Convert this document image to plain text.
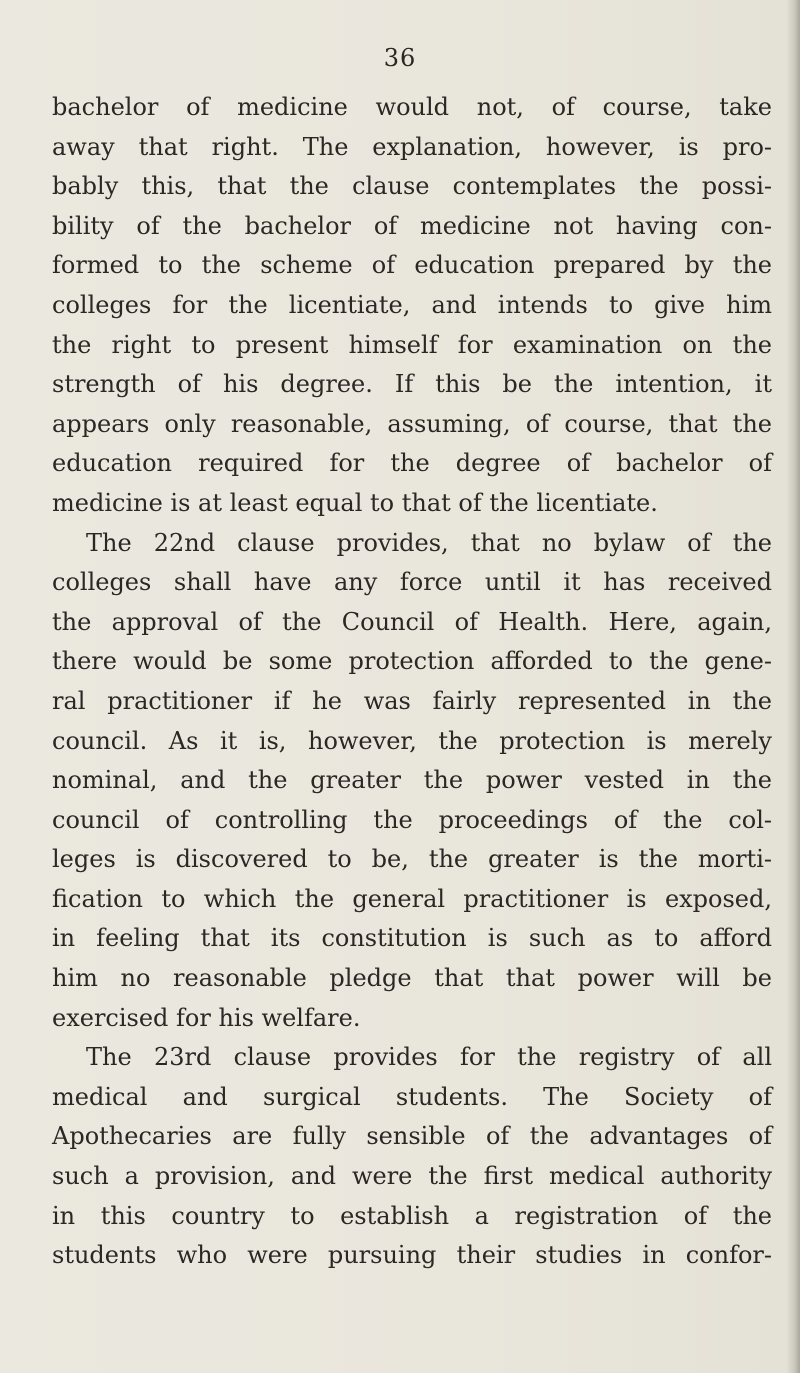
36
bachelor of medicine would not, of course, take
away that right. The explanation, however, is pro-
bably this, that the clause contemplates the possi-
bility of the bachelor of medicine not having con-
formed to the scheme of education prepared by the
colleges for the licentiate, and intends to give him
the right to present himself for examination on the
strength of his degree. If this be the intention, it
appears only reasonable, assuming, of course, that the
education required for the degree of bachelor of
medicine is at least equal to that of the licentiate.
The 22nd clause provides, that no bylaw of the
colleges shall have any force until it has received
the approval of the Council of Health. Here, again,
there would be some protection afforded to the gene-
ral practitioner if he was fairly represented in the
council. As it is, however, the protection is merely
nominal, and the greater the power vested in the
council of controlling the proceedings of the col-
leges is discovered to be, the greater is the morti-
fication to which the general practitioner is exposed,
in feeling that its constitution is such as to afford
him no reasonable pledge that that power will be
exercised for his welfare.
The 23rd clause provides for the registry of all
medical and surgical students. The Society of
Apothecaries are fully sensible of the advantages of
such a provision, and were the first medical authority
in this country to establish a registration of the
students who were pursuing their studies in confor-
